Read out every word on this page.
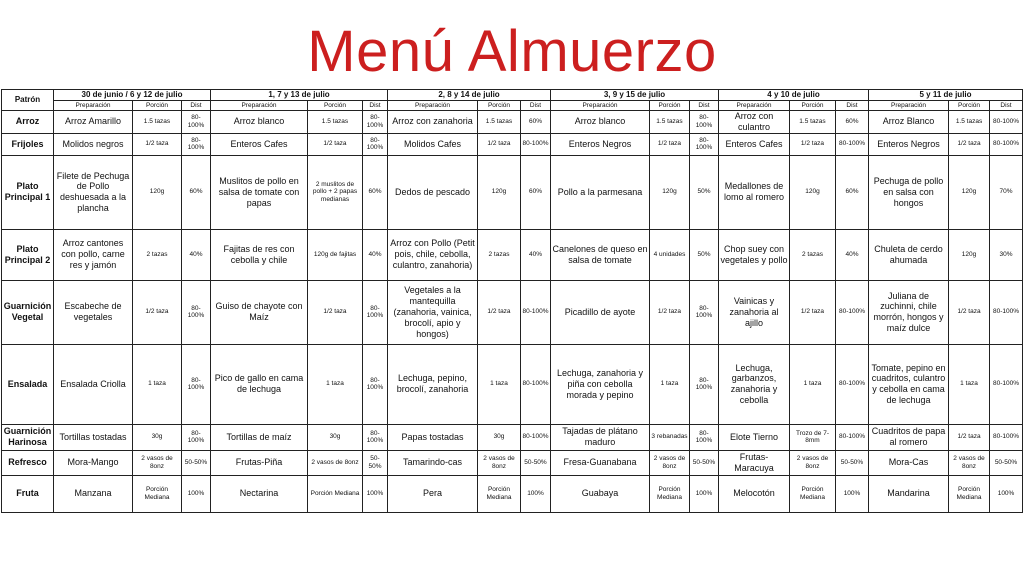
Menú Almuerzo
Patrón	30 de junio / 6 y 12 de julio			1, 7 y 13 de julio			2, 8 y 14 de julio			3, 9 y 15 de julio			4 y 10 de julio			5 y 11 de julio		
	Preparación	Porción	Dist	Preparación	Porción	Dist	Preparación	Porción	Dist	Preparación	Porción	Dist	Preparación	Porción	Dist	Preparación	Porción	Dist
Arroz	Arroz Amarillo	1.5 tazas	80-100%	Arroz blanco	1.5 tazas	80-100%	Arroz con zanahoria	1.5 tazas	60%	Arroz blanco	1.5 tazas	80-100%	Arroz con culantro	1.5 tazas	60%	Arroz Blanco	1.5 tazas	80-100%
Frijoles	Molidos negros	1/2 taza	80-100%	Enteros Cafes	1/2 taza	80-100%	Molidos Cafes	1/2 taza	80-100%	Enteros Negros	1/2 taza	80-100%	Enteros Cafes	1/2 taza	80-100%	Enteros Negros	1/2 taza	80-100%
Plato Principal 1	Filete de Pechuga de Pollo deshuesada a la plancha	120g	60%	Muslitos de pollo en salsa de tomate con papas	2 muslitos de pollo + 2 papas medianas	60%	Dedos de pescado	120g	60%	Pollo a la parmesana	120g	50%	Medallones de lomo al romero	120g	60%	Pechuga de pollo en salsa con hongos	120g	70%
Plato Principal 2	Arroz cantones con pollo, carne res y jamón	2 tazas	40%	Fajitas de res con cebolla y chile	120g de fajitas	40%	Arroz con Pollo (Petit pois, chile, cebolla, culantro, zanahoria)	2 tazas	40%	Canelones de queso en salsa de tomate	4 unidades	50%	Chop suey con vegetales y pollo	2 tazas	40%	Chuleta de cerdo ahumada	120g	30%
Guarnición Vegetal	Escabeche de vegetales	1/2 taza	80-100%	Guiso de chayote con Maíz	1/2 taza	80-100%	Vegetales a la mantequilla (zanahoria, vainica, brocolí, apio y hongos)	1/2 taza	80-100%	Picadillo de ayote	1/2 taza	80-100%	Vainicas y zanahoria al ajillo	1/2 taza	80-100%	Juliana de zuchinni, chile morrón, hongos y maíz dulce	1/2 taza	80-100%
Ensalada	Ensalada Criolla	1 taza	80-100%	Pico de gallo en cama de lechuga	1 taza	80-100%	Lechuga, pepino, brocolí, zanahoria	1 taza	80-100%	Lechuga, zanahoria y piña con cebolla morada y pepino	1 taza	80-100%	Lechuga, garbanzos, zanahoria y cebolla	1 taza	80-100%	Tomate, pepino en cuadritos, culantro y cebolla en cama de lechuga	1 taza	80-100%
Guarnición Harinosa	Tortillas tostadas	30g	80-100%	Tortillas de maíz	30g	80-100%	Papas tostadas	30g	80-100%	Tajadas de plátano maduro	3 rebanadas	80-100%	Elote Tierno	Trozo de 7-8mm	80-100%	Cuadritos de papa al romero	1/2 taza	80-100%
Refresco	Mora-Mango	2 vasos de 8onz	50-50%	Frutas-Piña	2 vasos de 8onz	50-50%	Tamarindo-cas	2 vasos de 8onz	50-50%	Fresa-Guanabana	2 vasos de 8onz	50-50%	Frutas-Maracuya	2 vasos de 8onz	50-50%	Mora-Cas	2 vasos de 8onz	50-50%
Fruta	Manzana	Porción Mediana	100%	Nectarina	Porción Mediana	100%	Pera	Porción Mediana	100%	Guabaya	Porción Mediana	100%	Melocotón	Porción Mediana	100%	Mandarina	Porción Mediana	100%
